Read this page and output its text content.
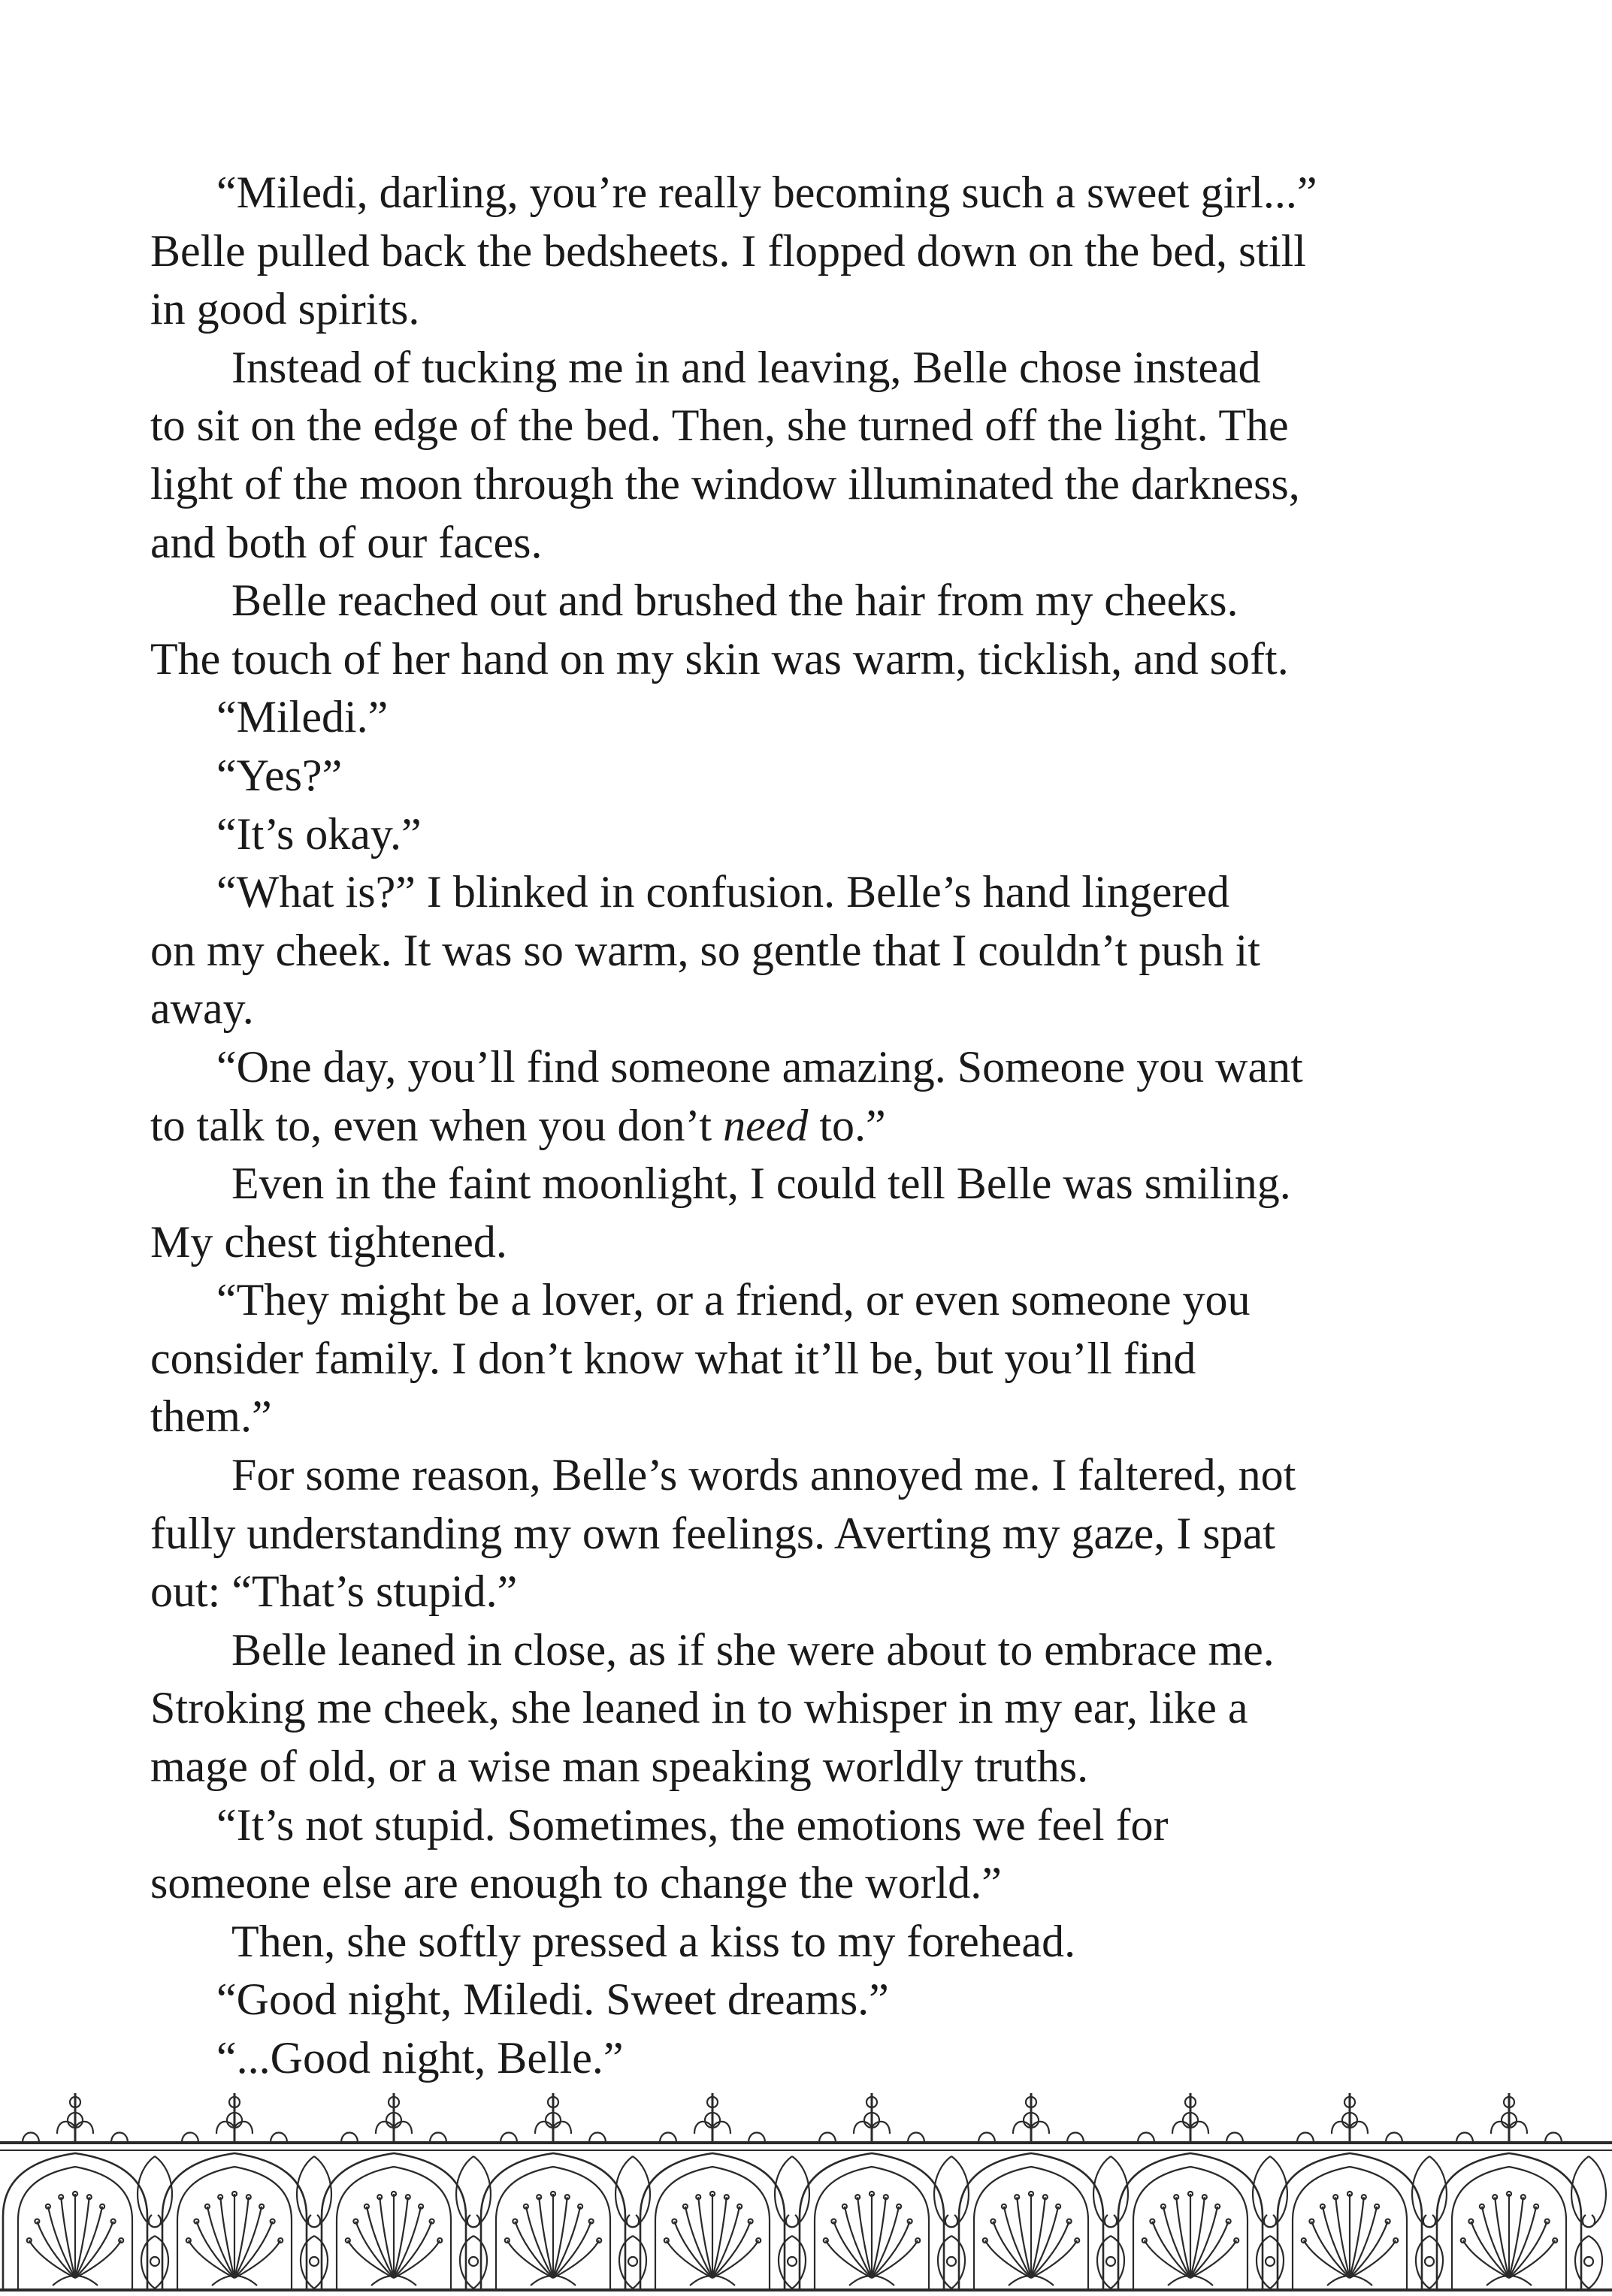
“Miledi, darling, you’re really becoming such a sweet girl...”
Belle pulled back the bedsheets. I flopped down on the bed, still
in good spirits.
Instead of tucking me in and leaving, Belle chose instead
to sit on the edge of the bed. Then, she turned off the light. The
light of the moon through the window illuminated the darkness,
and both of our faces.
Belle reached out and brushed the hair from my cheeks.
The touch of her hand on my skin was warm, ticklish, and soft.
“Miledi.”
“Yes?”
“It’s okay.”
“What is?” I blinked in confusion. Belle’s hand lingered
on my cheek. It was so warm, so gentle that I couldn’t push it
away.
“One day, you’ll find someone amazing. Someone you want
to talk to, even when you don’t need to.”
Even in the faint moonlight, I could tell Belle was smiling.
My chest tightened.
“They might be a lover, or a friend, or even someone you
consider family. I don’t know what it’ll be, but you’ll find
them.”
For some reason, Belle’s words annoyed me. I faltered, not
fully understanding my own feelings. Averting my gaze, I spat
out: “That’s stupid.”
Belle leaned in close, as if she were about to embrace me.
Stroking me cheek, she leaned in to whisper in my ear, like a
mage of old, or a wise man speaking worldly truths.
“It’s not stupid. Sometimes, the emotions we feel for
someone else are enough to change the world.”
Then, she softly pressed a kiss to my forehead.
“Good night, Miledi. Sweet dreams.”
“...Good night, Belle.”
